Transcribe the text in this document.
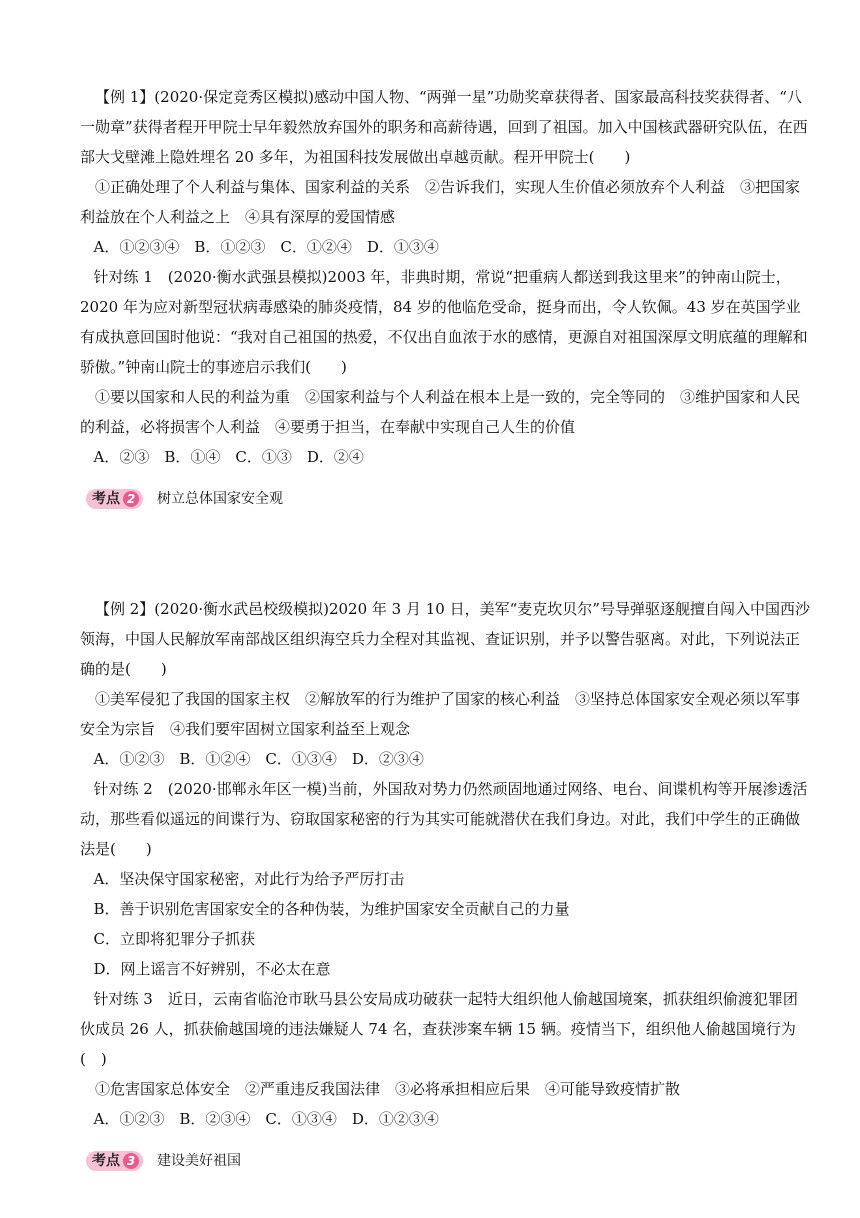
【例 1】(2020·保定竞秀区模拟)感动中国人物、“两弹一星”功勋奖章获得者、国家最高科技奖获得者、“八一勋章”获得者程开甲院士早年毅然放弃国外的职务和高薪待遇，回到了祖国。加入中国核武器研究队伍，在西部大戈壁滩上隐姓埋名 20 多年，为祖国科技发展做出卓越贡献。程开甲院士(　　)

①正确处理了个人利益与集体、国家利益的关系　②告诉我们，实现人生价值必须放弃个人利益　③把国家利益放在个人利益之上　④具有深厚的爱国情感

A．①②③④　B．①②③　C．①②④　D．①③④

针对练 1　(2020·衡水武强县模拟)2003 年，非典时期，常说“把重病人都送到我这里来”的钟南山院士，2020 年为应对新型冠状病毒感染的肺炎疫情，84 岁的他临危受命，挺身而出，令人钦佩。43 岁在英国学业有成执意回国时他说：“我对自己祖国的热爱，不仅出自血浓于水的感情，更源自对祖国深厚文明底蕴的理解和骄傲。”钟南山院士的事迹启示我们(　　)

①要以国家和人民的利益为重　②国家利益与个人利益在根本上是一致的，完全等同的　③维护国家和人民的利益，必将损害个人利益　④要勇于担当，在奉献中实现自己人生的价值

A．②③　B．①④　C．①③　D．②④

考点 2 树立总体国家安全观

【例 2】(2020·衡水武邑校级模拟)2020 年 3 月 10 日，美军“麦克坎贝尔”号导弹驱逐舰擅自闯入中国西沙领海，中国人民解放军南部战区组织海空兵力全程对其监视、查证识别，并予以警告驱离。对此，下列说法正确的是(　　)

①美军侵犯了我国的国家主权　②解放军的行为维护了国家的核心利益　③坚持总体国家安全观必须以军事安全为宗旨　④我们要牢固树立国家利益至上观念

A．①②③　B．①②④　C．①③④　D．②③④

针对练 2　(2020·邯郸永年区一模)当前，外国敌对势力仍然顽固地通过网络、电台、间谍机构等开展渗透活动，那些看似遥远的间谍行为、窃取国家秘密的行为其实可能就潜伏在我们身边。对此，我们中学生的正确做法是(　　)

A．坚决保守国家秘密，对此行为给予严厉打击

B．善于识别危害国家安全的各种伪装，为维护国家安全贡献自己的力量

C．立即将犯罪分子抓获

D．网上谣言不好辨别，不必太在意

针对练 3　近日，云南省临沧市耿马县公安局成功破获一起特大组织他人偷越国境案，抓获组织偷渡犯罪团伙成员 26 人，抓获偷越国境的违法嫌疑人 74 名，查获涉案车辆 15 辆。疫情当下，组织他人偷越国境行为(　)

①危害国家总体安全　②严重违反我国法律　③必将承担相应后果　④可能导致疫情扩散

A．①②③　B．②③④　C．①③④　D．①②③④

考点 3 建设美好祖国
